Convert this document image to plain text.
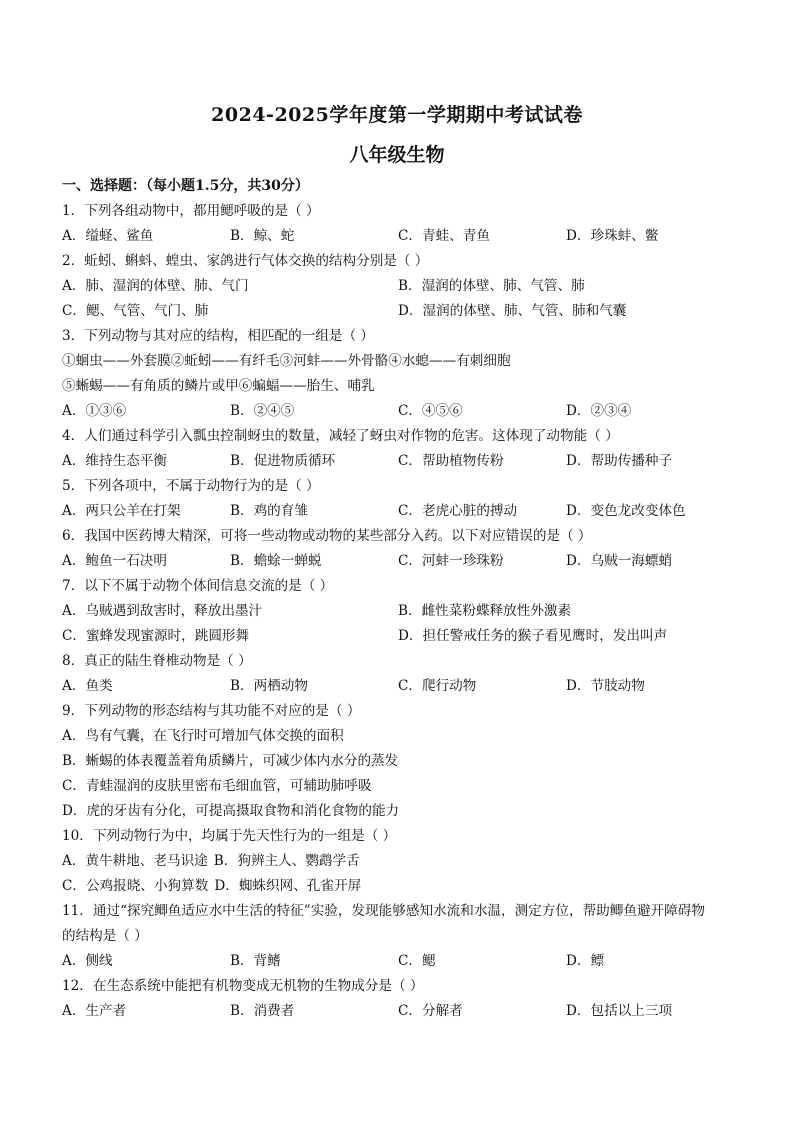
2024-2025学年度第一学期期中考试试卷
八年级生物
一、选择题：（每小题1.5分，共30分）
1．下列各组动物中，都用鳃呼吸的是（ ）
A．缢蛏、鲨鱼	B．鲸、蛇	C．青蛙、青鱼	D．珍珠蚌、鳖
2．蚯蚓、蝌蚪、蝗虫、家鸽进行气体交换的结构分别是（ ）
A．肺、湿润的体壁、肺、气门	B．湿润的体壁、肺、气管、肺
C．鳃、气管、气门、肺	D．湿润的体壁、肺、气管、肺和气囊
3．下列动物与其对应的结构，相匹配的一组是（ ）
①蛔虫——外套膜②蚯蚓——有纤毛③河蚌——外骨骼④水螅——有刺细胞
⑤蜥蜴——有角质的鳞片或甲⑥蝙蝠——胎生、哺乳
A．①③⑥	B．②④⑤	C．④⑤⑥	D．②③④
4．人们通过科学引入瓢虫控制蚜虫的数量，减轻了蚜虫对作物的危害。这体现了动物能（ ）
A．维持生态平衡	B．促进物质循环	C．帮助植物传粉	D．帮助传播种子
5．下列各项中，不属于动物行为的是（ ）
A．两只公羊在打架	B．鸡的育雏	C．老虎心脏的搏动	D．变色龙改变体色
6．我国中医药博大精深，可将一些动物或动物的某些部分入药。以下对应错误的是（ ）
A．鲍鱼一石决明	B．蟾蜍一蝉蜕	C．河蚌一珍珠粉	D．乌贼一海螵蛸
7．以下不属于动物个体间信息交流的是（ ）
A．乌贼遇到敌害时，释放出墨汁	B．雌性菜粉蝶释放性外激素
C．蜜蜂发现蜜源时，跳圆形舞	D．担任警戒任务的猴子看见鹰时，发出叫声
8．真正的陆生脊椎动物是（ ）
A．鱼类	B．两栖动物	C．爬行动物	D．节肢动物
9．下列动物的形态结构与其功能不对应的是（ ）
A．鸟有气囊，在飞行时可增加气体交换的面积
B．蜥蜴的体表覆盖着角质鳞片，可减少体内水分的蒸发
C．青蛙湿润的皮肤里密布毛细血管，可辅助肺呼吸
D．虎的牙齿有分化，可提高摄取食物和消化食物的能力
10．下列动物行为中，均属于先天性行为的一组是（ ）
A．黄牛耕地、老马识途 B．狗辨主人、鹦鹉学舌
C．公鸡报晓、小狗算数 D．蜘蛛织网、孔雀开屏
11．通过“探究鲫鱼适应水中生活的特征”实验，发现能够感知水流和水温，测定方位，帮助鲫鱼避开障碍物
的结构是（ ）
A．侧线	B．背鳍	C．鳃	D．鳔
12．在生态系统中能把有机物变成无机物的生物成分是（ ）
A．生产者	B．消费者	C．分解者	D．包括以上三项
